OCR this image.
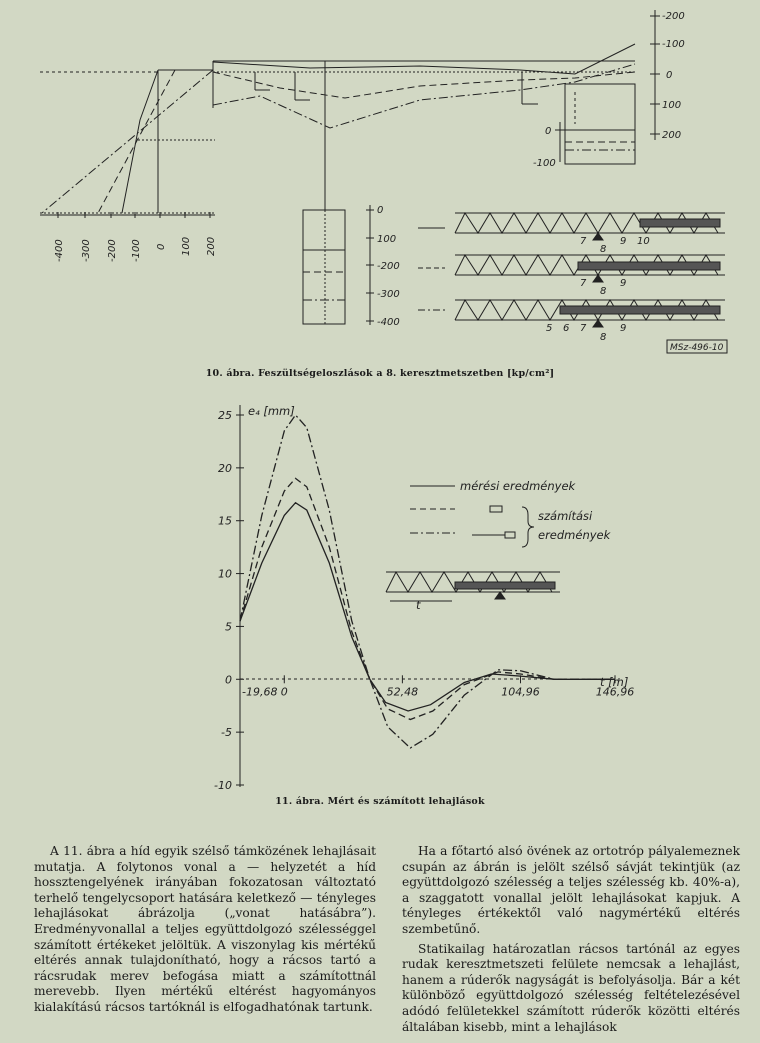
-200
-100
0
100
200
0
-100
0
100
-200
-300
-400
-400 -300 -200 -100 0 100 200	7
8
9 10
7
8
9
5 6 7
8
9
MSz-496-10
10. ábra. Feszültségeloszlások a 8. keresztmetszetben [kp/cm²]
25
20
15
10
5
0
-5
-10
-19,68 0	52,48	104,96	146,96
e₄ [mm]
t [m]
mérési eredmények
számítási
eredmények
t
11. ábra. Mért és számított lehajlások

A 11. ábra a híd egyik szélső támközének lehajlásait mutatja. A folytonos vonal a — helyzetét a híd hossztengelyének irányában fokozatosan változtató terhelő tengelycsoport hatására keletkező — tényleges lehajlásokat ábrázolja („vonat hatásábra”). Eredményvonallal a teljes együttdolgozó szélességgel számított értékeket jelöltük. A viszonylag kis mértékű eltérés annak tulajdonítható, hogy a rácsos tartó a rácsrudak merev befogása miatt a számítottnál merevebb. Ilyen mértékű eltérést hagyományos kialakítású rácsos tartóknál is elfogadhatónak tartunk.

Ha a főtartó alsó övének az ortotróp pályalemeznek csupán az ábrán is jelölt szélső sávját tekintjük (az együttdolgozó szélesség a teljes szélesség kb. 40%-a), a szaggatott vonallal jelölt lehajlásokat kapjuk. A tényleges értékektől való nagymértékű eltérés szembetűnő.

Statikailag határozatlan rácsos tartónál az egyes rudak keresztmetszeti felülete nemcsak a lehajlást, hanem a rúderők nagyságát is befolyásolja. Bár a két különböző együttdolgozó szélesség feltételezésével adódó felületekkel számított rúderők közötti eltérés általában kisebb, mint a lehajlások
